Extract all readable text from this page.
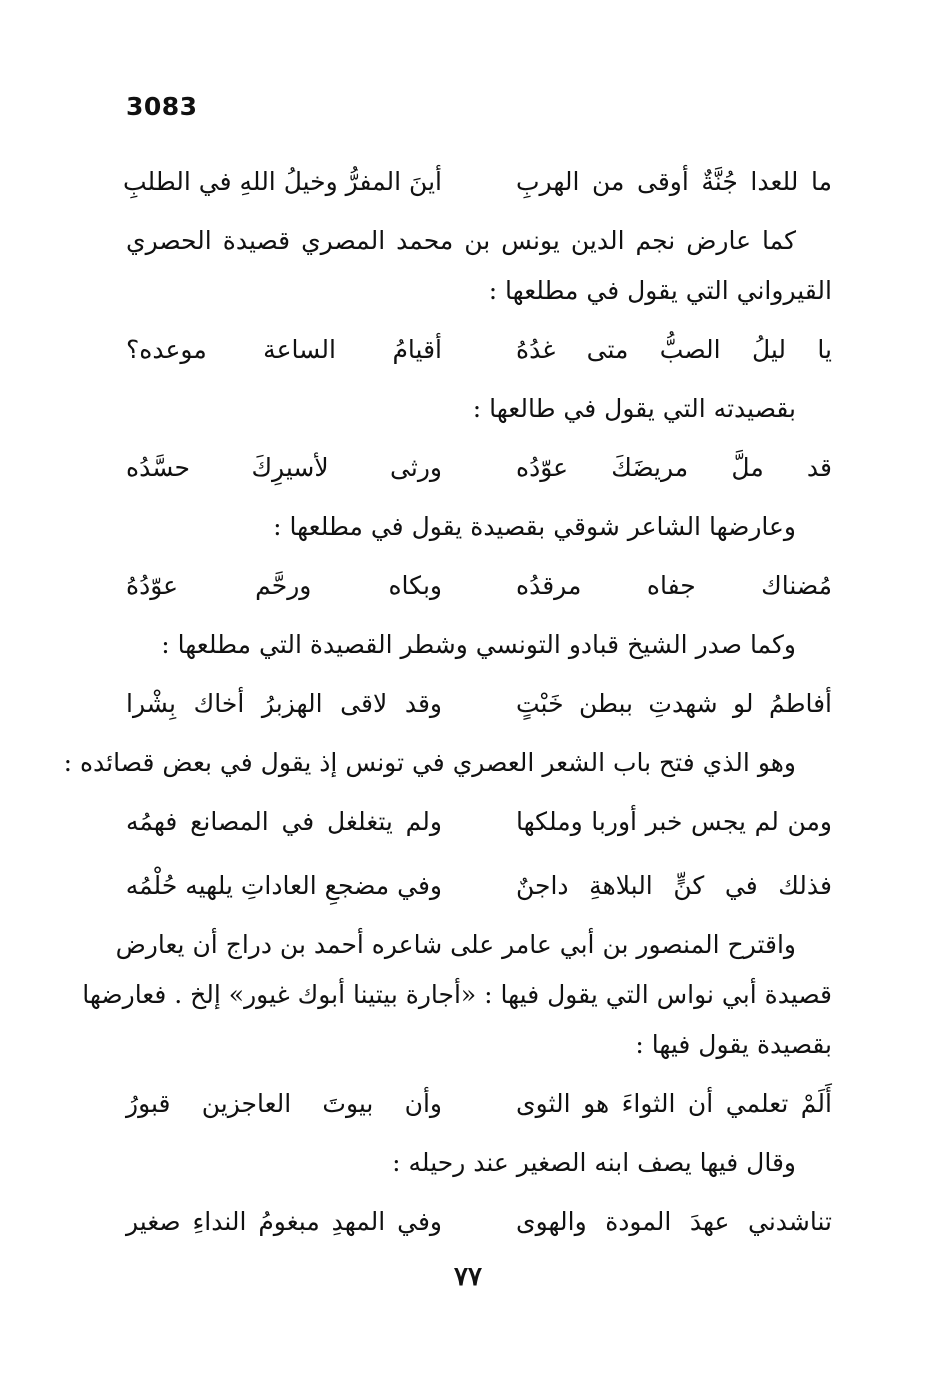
3083
ما للعدا جُنَّةٌ أوقى من الهربِ
أينَ المفرُّ وخيلُ اللهِ في الطلبِ

كما عارض نجم الدين يونس بن محمد المصري قصيدة الحصري

القيرواني التي يقول في مطلعها :

يا ليلُ الصبُّ متى غدُهُ
أقيامُ الساعة موعده؟

بقصيدته التي يقول في طالعها :

قد ملَّ مريضَكَ عوّدُه
ورثى لأسيرِكَ حسَّدُه

وعارضها الشاعر شوقي بقصيدة يقول في مطلعها :

مُضناك جفاه مرقدُه
وبكاه ورحَّم عوّدُهُ

وكما صدر الشيخ قبادو التونسي وشطر القصيدة التي مطلعها :

أفاطمُ لو شهدتِ ببطن خَبْتٍ
وقد لاقى الهزبرُ أخاك بِشْرا

وهو الذي فتح باب الشعر العصري في تونس إذ يقول في بعض قصائده :

ومن لم يجس خبر أوربا وملكها
ولم يتغلغل في المصانع فهمُه
فذلك في كنٍّ البلاهةِ داجنٌ
وفي مضجعِ العاداتِ يلهيه حُلْمُه

واقترح المنصور بن أبي عامر على شاعره أحمد بن دراج أن يعارض

قصيدة أبي نواس التي يقول فيها : «أجارة بيتينا أبوك غيور» إلخ . فعارضها

بقصيدة يقول فيها :

أَلَمْ تعلمي أن الثواءَ هو الثوى
وأن بيوتَ العاجزين قبورُ

وقال فيها يصف ابنه الصغير عند رحيله :

تناشدني عهدَ المودة والهوى
وفي المهدِ مبغومُ النداءِ صغير
٧٧
